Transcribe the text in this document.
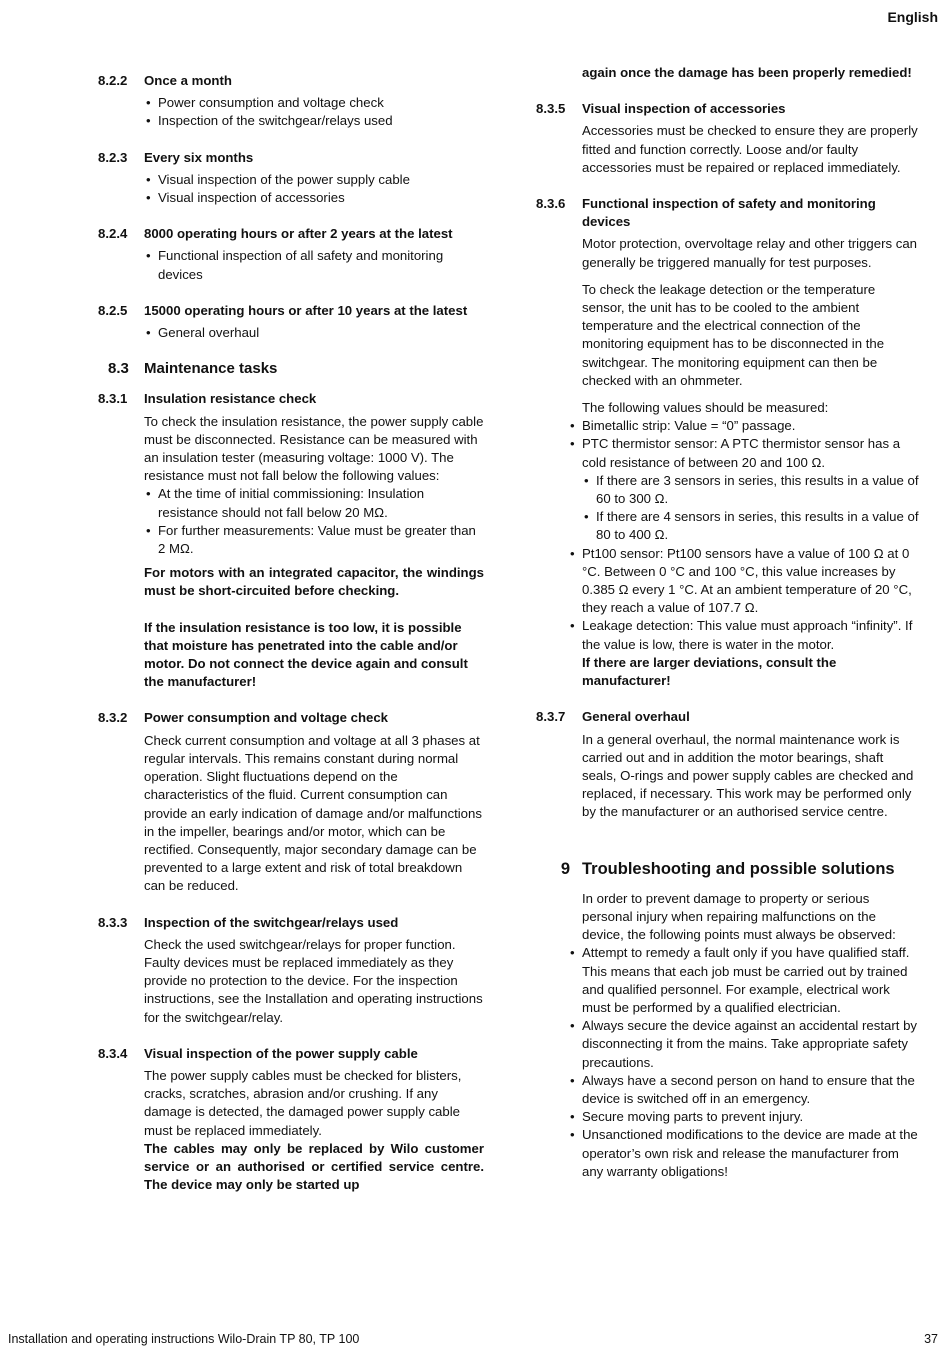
English
8.2.2	Once a month
• Power consumption and voltage check
• Inspection of the switchgear/relays used
8.2.3	Every six months
• Visual inspection of the power supply cable
• Visual inspection of accessories
8.2.4	8000 operating hours or after 2 years at the latest
• Functional inspection of all safety and monitoring devices
8.2.5	15000 operating hours or after 10 years at the latest
• General overhaul
8.3	Maintenance tasks
8.3.1	Insulation resistance check

To check the insulation resistance, the power supply cable must be disconnected. Resistance can be measured with an insulation tester (measuring voltage: 1000 V). The resistance must not fall below the following values:

• At the time of initial commissioning: Insulation resistance should not fall below 20 MΩ.
• For further measurements: Value must be greater than 2 MΩ.

For motors with an integrated capacitor, the windings must be short-circuited before checking.

If the insulation resistance is too low, it is possible that moisture has penetrated into the cable and/or motor. Do not connect the device again and consult the manufacturer!

8.3.2	Power consumption and voltage check

Check current consumption and voltage at all 3 phases at regular intervals. This remains constant during normal operation. Slight fluctuations depend on the characteristics of the fluid. Current consumption can provide an early indication of damage and/or malfunctions in the impeller, bearings and/or motor, which can be rectified. Consequently, major secondary damage can be prevented to a large extent and risk of total breakdown can be reduced.

8.3.3	Inspection of the switchgear/relays used

Check the used switchgear/relays for proper function. Faulty devices must be replaced immediately as they provide no protection to the device. For the inspection instructions, see the Installation and operating instructions for the switchgear/relay.

8.3.4	Visual inspection of the power supply cable

The power supply cables must be checked for blisters, cracks, scratches, abrasion and/or crushing. If any damage is detected, the damaged power supply cable must be replaced immediately.

The cables may only be replaced by Wilo customer service or an authorised or certified service centre. The device may only be started up

again once the damage has been properly remedied!
8.3.5	Visual inspection of accessories

Accessories must be checked to ensure they are properly fitted and function correctly. Loose and/or faulty accessories must be repaired or replaced immediately.

8.3.6	Functional inspection of safety and monitoring devices

Motor protection, overvoltage relay and other triggers can generally be triggered manually for test purposes.

To check the leakage detection or the temperature sensor, the unit has to be cooled to the ambient temperature and the electrical connection of the monitoring equipment has to be disconnected in the switchgear. The monitoring equipment can then be checked with an ohmmeter.

The following values should be measured:

• Bimetallic strip: Value = “0” passage.
• PTC thermistor sensor: A PTC thermistor sensor has a cold resistance of between 20 and 100 Ω.
• If there are 3 sensors in series, this results in a value of 60 to 300 Ω.
• If there are 4 sensors in series, this results in a value of 80 to 400 Ω.
• Pt100 sensor: Pt100 sensors have a value of 100 Ω at 0 °C. Between 0 °C and 100 °C, this value increases by 0.385 Ω every 1 °C. At an ambient temperature of 20 °C, they reach a value of 107.7 Ω.
• Leakage detection: This value must approach “infinity”. If the value is low, there is water in the motor.

If there are larger deviations, consult the manufacturer!

8.3.7	General overhaul

In a general overhaul, the normal maintenance work is carried out and in addition the motor bearings, shaft seals, O-rings and power supply cables are checked and replaced, if necessary. This work may be performed only by the manufacturer or an authorised service centre.

9 Troubleshooting and possible solutions

In order to prevent damage to property or serious personal injury when repairing malfunctions on the device, the following points must always be observed:

• Attempt to remedy a fault only if you have qualified staff. This means that each job must be carried out by trained and qualified personnel. For example, electrical work must be performed by a qualified electrician.
• Always secure the device against an accidental restart by disconnecting it from the mains. Take appropriate safety precautions.
• Always have a second person on hand to ensure that the device is switched off in an emergency.
• Secure moving parts to prevent injury.
• Unsanctioned modifications to the device are made at the operator’s own risk and release the manufacturer from any warranty obligations!
Installation and operating instructions Wilo-Drain TP 80, TP 100	37
